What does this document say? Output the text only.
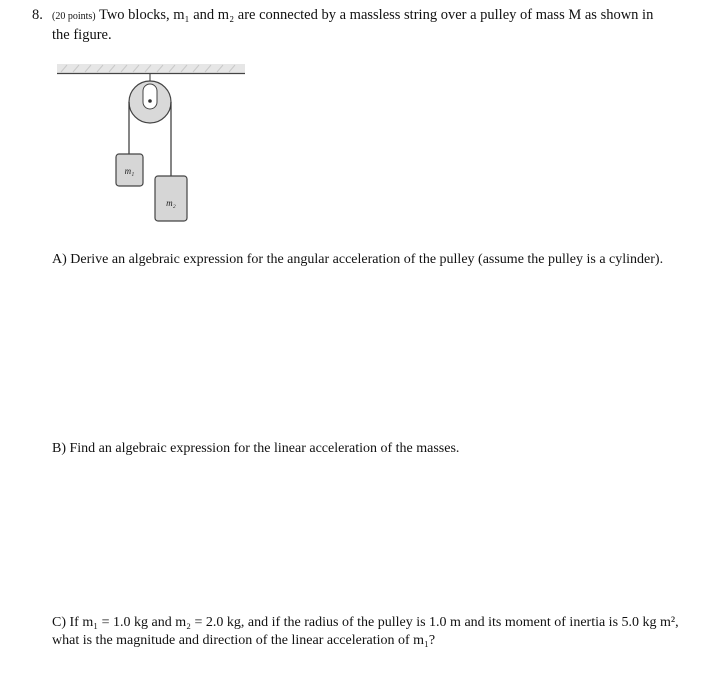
8. (20 points) Two blocks, m₁ and m₂ are connected by a massless string over a pulley of mass M as shown in
the figure.
m₁
m₂
A) Derive an algebraic expression for the angular acceleration of the pulley (assume the pulley is a cylinder).
B) Find an algebraic expression for the linear acceleration of the masses.
C) If m₁ = 1.0 kg and m₂ = 2.0 kg, and if the radius of the pulley is 1.0 m and its moment of inertia is 5.0 kg m², what is the magnitude and direction of the linear acceleration of m₁?
